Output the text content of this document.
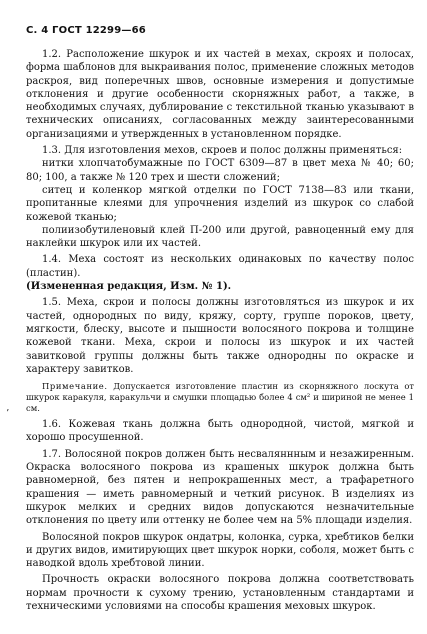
С. 4 ГОСТ 12299—66

1.2. Расположение шкурок и их частей в мехах, скроях и полосах, форма шаблонов для выкраивания полос, применение сложных методов раскроя, вид поперечных швов, основные измерения и допустимые отклонения и другие особенности скорняжных работ, а также, в необходимых случаях, дублирование с текстильной тканью указывают в технических описаниях, согласованных между заинтересованными организациями и утвержденных в установленном порядке.

1.3. Для изготовления мехов, скроев и полос должны применяться:

нитки хлопчатобумажные по ГОСТ 6309—87 в цвет меха № 40; 60; 80; 100, а также № 120 трех и шести сложений;

ситец и коленкор мягкой отделки по ГОСТ 7138—83 или ткани, пропитанные клеями для упрочнения изделий из шкурок со слабой кожевой тканью;

полиизобутиленовый клей П-200 или другой, равноценный ему для наклейки шкурок или их частей.

1.4. Меха состоят из нескольких одинаковых по качеству полос (пластин).

(Измененная редакция, Изм. № 1).

1.5. Меха, скрои и полосы должны изготовляться из шкурок и их частей, однородных по виду, кряжу, сорту, группе пороков, цвету, мягкости, блеску, высоте и пышности волосяного покрова и толщине кожевой ткани. Меха, скрои и полосы из шкурок и их частей завитковой группы должны быть также однородны по окраске и характеру завитков.

Примечание. Допускается изготовление пластин из скорняжного лоскута от шкурок каракуля, каракульчи и смушки площадью более 4 см² и шириной не менее 1 см.

1.6. Кожевая ткань должна быть однородной, чистой, мягкой и хорошо просушенной.

1.7. Волосяной покров должен быть несваляннным и незажиренным. Окраска волосяного покрова из крашеных шкурок должна быть равномерной, без пятен и непрокрашенных мест, а трафаретного крашения — иметь равномерный и четкий рисунок. В изделиях из шкурок мелких и средних видов допускаются незначительные отклонения по цвету или оттенку не более чем на 5% площади изделия.

Волосяной покров шкурок ондатры, колонка, сурка, хребтиков белки и других видов, имитирующих цвет шкурок норки, соболя, может быть с наводкой вдоль хребтовой линии.

Прочность окраски волосяного покрова должна соответствовать нормам прочности к сухому трению, установленным стандартами и техническими условиями на способы крашения меховых шкурок.

ʼ
